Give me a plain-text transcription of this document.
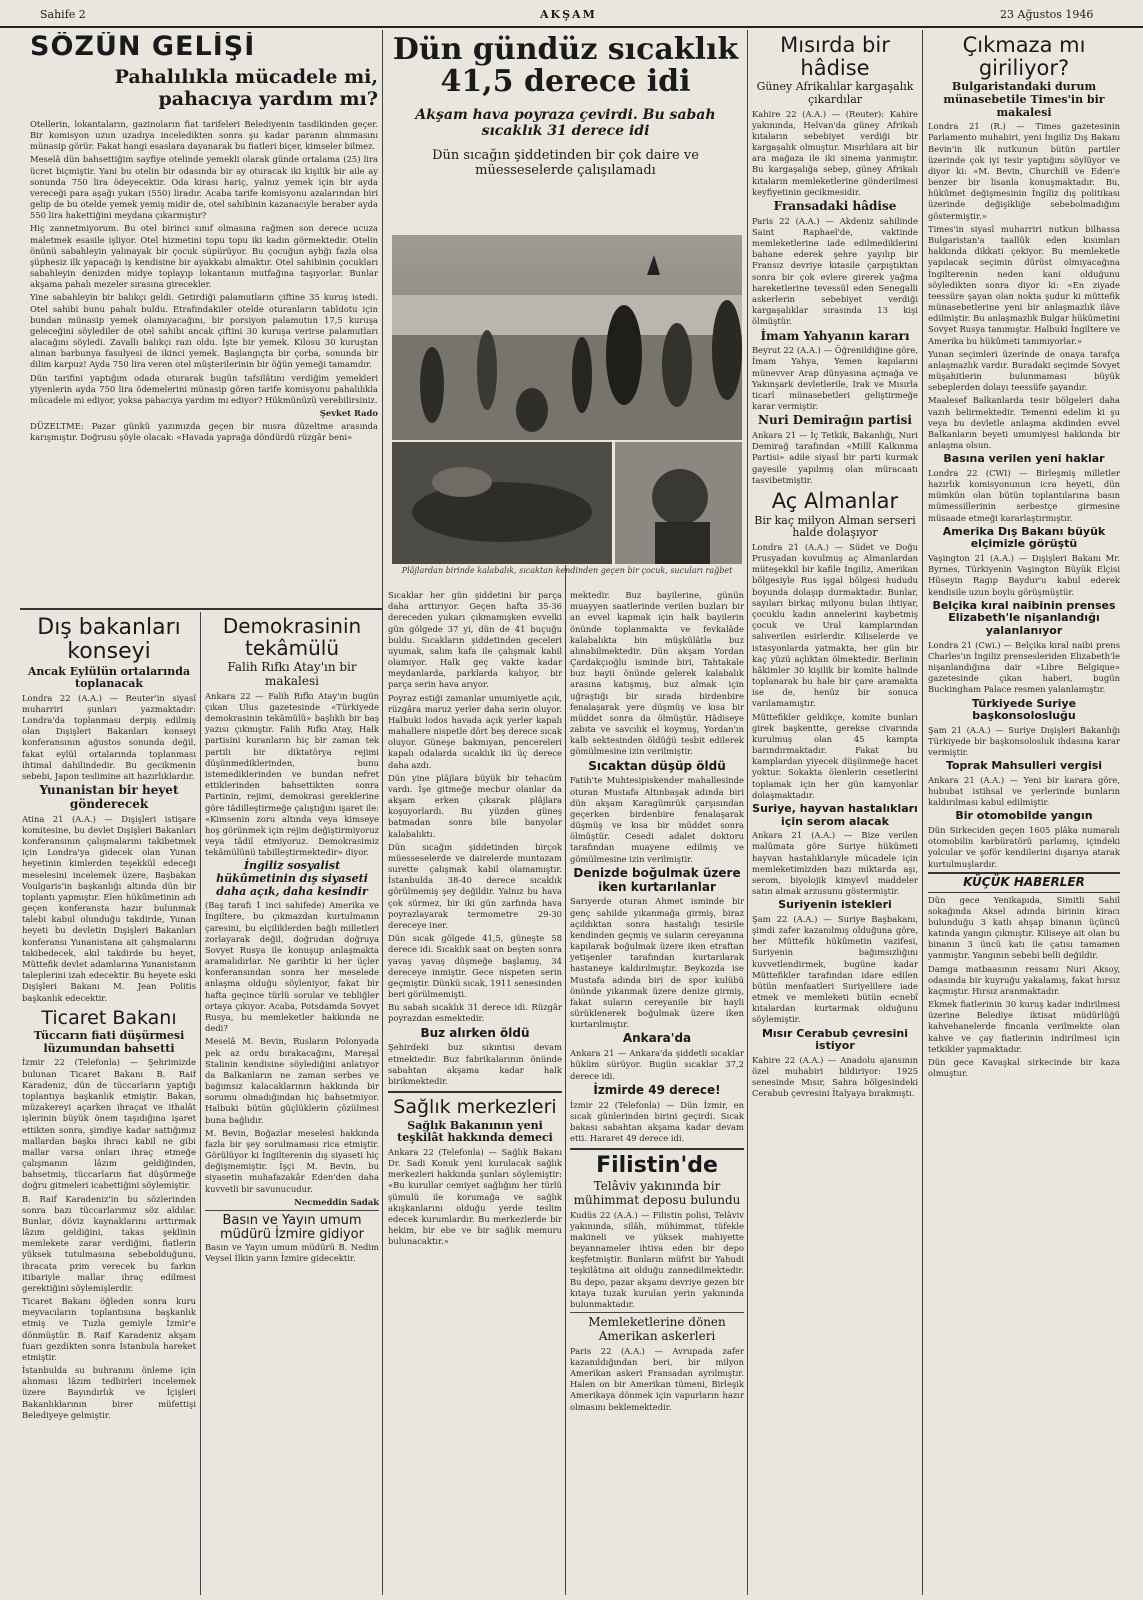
Sahife 2	AKŞAM	23 Ağustos 1946
SÖZÜN GELİŞİ
Pahalılıkla mücadele mi, pahacıya yardım mı?

Otellerin, lokantaların, gazinoların fiat tarifeleri Belediyenin tasdikinden geçer. Bir komisyon uzun uzadıya inceledikten sonra şu kadar paranın alınmasını münasip görür. Fakat hangi esaslara dayanarak bu fiatleri biçer, kimseler bilmez.

Meselâ dün bahsettiğim sayfiye otelinde yemekli olarak günde ortalama (25) lira ücret biçmiştir. Yani bu otelin bir odasında bir ay oturacak iki kişilik bir aile ay sonunda 750 lira ödeyecektir. Oda kirası hariç, yalnız yemek için bir ayda vereceği para aşağı yukarı (550) liradır. Acaba tarife komisyonu azalarından biri gelip de bu otelde yemek yemiş midir de, otel sahibinin kazanacıyle beraber ayda 550 lira hakettiğini meydana çıkarmıştır?

Hiç zannetmiyorum. Bu otel birinci sınıf olmasına rağmen son derece ucuza maletmek esasile işliyor. Otel hizmetini topu topu iki kadın görmektedir. Otelin önünü sabahleyin yalınayak bir çocuk süpürüyor. Bu çocuğun ayhğı fazla olsa şüphesiz ilk yapacağı iş kendisine bir ayakkabı almaktır. Otel sahibinin çocukları sabahleyin denizden midye toplayıp lokantanın mutfağına taşıyorlar. Bunlar akşama pahalı mezeler sırasına girecekler.

Yine sabahleyin bir balıkçı geldi. Getirdiği palamutların çiftine 35 kuruş istedi. Otel sahibi bunu pahalı buldu. Etrafındakiler otelde oturanların tabldotu için bundan münasip yemek olamıyacağını, bir porsiyon palamutun 17,5 kuruşa geleceğini söylediler de otel sahibi ancak çiftini 30 kuruşa verirse palamutları alacağını söyledi. Zavallı balıkçı razı oldu. İşte bir yemek. Kilosu 30 kuruştan alınan barbunya fasulyesi de ikinci yemek. Başlangıçta bir çorba, sonunda bir dilim karpuz! Ayda 750 lira veren otel müşterilerinin bir öğün yemeği tamamdır.

Dün tarifini yaptığım odada oturarak bugün tafsilâtını verdiğim yemekleri yiyenlerin ayda 750 lira ödemelerini münasip gören tarife komisyonu pahalılıkla mücadele mi ediyor, yoksa pahacıya yardım mı ediyor? Hükmünüzü verebilirsiniz.

Şevket Rado

DÜZELTME: Pazar günkü yazımızda geçen bir mısra düzeltme arasında karışmıştır. Doğrusu şöyle olacak: «Havada yaprağa döndürdü rüzgâr beni»

Dış bakanları konseyi
Ancak Eylülün ortalarında toplanacak

Londra 22 (A.A.) — Reuter'in siyasî muharriri şunları yazmaktadır: Londra'da toplanması derpiş edilmiş olan Dışişleri Bakanları konseyi konferansının ağustos sonunda değil, fakat eylül ortalarında toplanması ihtimal dahilindedir. Bu gecikmenin sebebi, Japon teslimine ait hazırlıklardır.

Yunanistan bir heyet gönderecek

Atina 21 (A.A.) — Dışişleri istişare komitesine, bu devlet Dışişleri Bakanları konferansının çalışmalarını takibetmek için Londra'ya gidecek olan Yunan heyetinin kimlerden teşekkül edeceği meselesini incelemek üzere, Başbakan Voulgaris'in başkanlığı altında dün bir toplantı yapmıştır. Elen hükûmetinin adı geçen konferansta hazır bulunmak talebi kabul olunduğu takdirde, Yunan heyeti bu devletin Dışişleri Bakanları konferansı Yunanistana ait çalışmalarını takibedecek, akıl takdirde bu heyet, Müttefik devlet adamlarına Yunanistanın taleplerini izah edecektir. Bu heyete eski Dışişleri Bakanı M. Jean Politis başkanlık edecektir.

Ticaret Bakanı
Tüccarın fiati düşürmesi lüzumundan bahsetti

İzmir 22 (Telefonla) — Şehrimizde bulunan Ticaret Bakanı B. Raif Karadeniz, dün de tüccarların yaptığı toplantıya başkanlık etmiştir. Bakan, müzakereyi açarken ihraçat ve ithalât işlerinin büyük önem taşıdığına işaret ettikten sonra, şimdiye kadar sattığımız mallardan başka ihracı kabil ne gibi mallar varsa onları ihraç etmeğe çalışmanın lâzım geldiğinden, bahsetmiş, tüccarların fiat düşürmeğe doğru gitmeleri icabettiğini söylemiştir.

B. Raif Karadeniz'in bu sözlerinden sonra bazı tüccarlarımız söz aldılar. Bunlar, döviz kaynaklarını arttırmak lâzım geldiğini, takas şeklinin memlekete zarar verdiğini, fiatlerin yüksek tutulmasına sebebolduğunu, ihracata prim verecek bu farkın itibariyle mallar ihraç edilmesi gerektiğini söylemişlerdir.

Ticaret Bakanı öğleden sonra kuru meyvacıların toplantısına başkanlık etmiş ve Tuzla gemiyle İzmir'e dönmüştür. B. Raif Karadeniz akşam fuarı gezdikten sonra İstanbula hareket etmiştir.

İstanbulda su buhranını önleme için alınması lâzım tedbirleri incelemek üzere Bayındırlık ve İçişleri Bakanlıklarının birer müfettişi Belediyeye gelmiştir.

Demokrasinin tekâmülü
Falih Rıfkı Atay'ın bir makalesi

Ankara 22 — Falih Rıfkı Atay'ın bugün çıkan Ulus gazetesinde «Türkiyede demokrasinin tekâmülü» başlıklı bir baş yazısı çıkmıştır. Falih Rıfkı Atay, Halk partisini kuranların hiç bir zaman tek partili bir diktatörya rejimi düşünmediklerinden, bunu istemediklerinden ve bundan nefret ettiklerinden bahsettikten sonra Partinin, rejimi, demokrasi gereklerine göre tâdilleştirmeğe çalıştığını işaret ile: «Kimsenin zoru altında veya kimseye hoş görünmek için rejim değiştirmiyoruz veya tâdil etmiyoruz. Demokrasimiz tekâmülünü tabiîleştirmektedir» diyor.

İngiliz sosyalist hükûmetinin dış siyaseti daha açık, daha kesindir

(Baş tarafı 1 inci sahifede) Amerika ve İngiltere, bu çıkmazdan kurtulmanın çaresini, bu elçiliklerden bağlı milletleri zorlayarak değil, doğrudan doğruya Sovyet Rusya ile konuşup anlaşmakta aramalıdırlar. Ne garibtir ki her üçler konferansından sonra her meselede anlaşma olduğu söyleniyor, fakat bir hafta geçince türlü sorular ve tebliğler ortaya çıkıyor. Acaba, Potsdamda Sovyet Rusya, bu memleketler hakkında ne dedi?

Meselâ M. Bevin, Rusların Polonyada pek az ordu bırakacağını, Mareşal Stalinin kendisine söylediğini anlatıyor da Balkanların ne zaman serbes ve bağımsız kalacaklarının hakkında bir sorumu olmadığından hiç bahsetmiyor. Halbuki bütün güçlüklerin çözülmesi buna bağlıdır.

M. Bevin, Boğazlar meselesi hakkında fazla bir şey sorulmaması rica etmiştir. Görülüyor ki İngilterenin dış siyaseti hiç değişmemiştir. İşçi M. Bevin, bu siyasetin muhafazakâr Eden'den daha kuvvetli bir savunucudur.

Necmeddin Sadak
Basın ve Yayın umum müdürü İzmire gidiyor

Basın ve Yayın umum müdürü B. Nedim Veysel İlkin yarın İzmire gidecektir.

Dün gündüz sıcaklık 41,5 derece idi
Akşam hava poyraza çevirdi. Bu sabah sıcaklık 31 derece idi
Dün sıcağın şiddetinden bir çok daire ve müesseselerde çalışılamadı
Plâjlardan birinde kalabalık, sıcaktan kendinden geçen bir çocuk, sucuları rağbet

Sıcaklar her gün şiddetini bir parça daha arttırıyor. Geçen hafta 35-36 dereceden yukarı çıkmamışken evvelki gün gölgede 37 yi, dün de 41 buçuğu buldu. Sıcakların şiddetinden geceleri uyumak, salım kafa ile çalışmak kabil olamıyor. Halk geç vakte kadar meydanlarda, parklarda kalıyor, bir parça serin hava arıyor.

Poyraz estiği zamanlar umumiyetle açık, rüzgâra maruz yerler daha serin oluyor. Halbuki lodos havada açık yerler kapalı mahallere nispetle dört beş derece sıcak oluyor. Güneşe bakmıyan, pencereleri kapalı odalarda sıcaklık iki üç derece daha azdı.

Dün yine plâjlara büyük bir tehacüm vardı. İşe gitmeğe mecbur olanlar da akşam erken çıkarak plâjlara koşuyorlardı. Bu yüzden güneş batmadan sonra bile banyolar kalabalıktı.

Dün sıcağın şiddetinden birçok müesseselerde ve dairelerde muntazam surette çalışmak kabil olamamıştır. İstanbulda 38-40 derece sıcaklık görülmemiş şey değildir. Yalnız bu hava çok sürmez, bir iki gün zarfında hava poyrazlayarak termometre 29-30 dereceye iner.

Dün sıcak gölgede 41,5, güneşte 58 derece idi. Sıcaklık saat on beşten sonra yavaş yavaş düşmeğe başlamış, 34 dereceye inmiştir. Gece nispeten serin geçmiştir. Dünkü sıcak, 1911 senesinden beri görülmemişti.

Bu sabah sıcaklık 31 derece idi. Rüzgâr poyrazdan esmektedir.

Buz alırken öldü

Şehirdeki buz sıkıntısı devam etmektedir. Buz fabrikalarının önünde sabahtan akşama kadar halk birikmektedir.

Sağlık merkezleri
Sağlık Bakanının yeni teşkilât hakkında demeci

Ankara 22 (Telefonla) — Sağlık Bakanı Dr. Sadi Konuk yeni kurulacak sağlık merkezleri hakkında şunları söylemiştir: «Bu kurullar cemiyet sağlığını her türlü şümulü ile korumağa ve sağlık akışkanlarını olduğu yerde teslim edecek kurumlardır. Bu merkezlerde bir hekim, bir ebe ve bir sağlık memuru bulunacaktır.»

mektedir. Buz bayilerine, günün muayyen saatlerinde verilen buzları bir an evvel kapmak için halk bayilerin önünde toplanmakta ve fevkalâde kalabalıkta bin müşkülâtla buz alınabilmektedir. Dün akşam Yordan Çardakçıoğlu isminde biri, Tahtakale buz bayii önünde gelerek kalabalık arasına katışmış, buz almak için uğraştığı bir sırada birdenbire fenalaşarak yere düşmüş ve kısa bir müddet sonra da ölmüştür. Hâdiseye zabıta ve savcılık el koymuş, Yordan'ın kalb sektesinden öldüğü tesbit edilerek gömülmesine izin verilmiştir.

Sıcaktan düşüp öldü

Fatih'te Muhtesipiskender mahallesinde oturan Mustafa Altınbaşak adında biri dün akşam Karagümrük çarşısından geçerken birdenbire fenalaşarak düşmüş ve kısa bir müddet sonra ölmüştür. Cesedi adalet doktoru tarafından muayene edilmiş ve gömülmesine izin verilmiştir.

Denizde boğulmak üzere iken kurtarılanlar

Sarıyerde oturan Ahmet isminde bir genç sahilde yıkanmağa girmiş, biraz açıldıktan sonra hastalığı tesirile kendinden geçmiş ve suların cereyanına kapılarak boğulmak üzere iken etraftan yetişenler tarafından kurtarılarak hastaneye kaldırılmıştır. Beykozda ise Mustafa adında biri de spor kulübü önünde yıkanmak üzere denize girmiş, fakat suların cereyanile bir hayli sürüklenerek boğulmak üzere iken kurtarılmıştır.

Ankara'da

Ankara 21 — Ankara'da şiddetli sıcaklar hüküm sürüyor. Bugün sıcaklar 37,2 derece idi.

İzmirde 49 derece!

İzmir 22 (Telefonla) — Dün İzmir, en sıcak günlerinden birini geçirdi. Sıcak bakası sabahtan akşama kadar devam etti. Hararet 49 derece idi.

Filistin'de
Telâviv yakınında bir mühimmat deposu bulundu

Kudüs 22 (A.A.) — Filistin polisi, Telâviv yakınında, silâh, mühimmat, tüfekle makineli ve yüksek mahiyette beyannameler ihtiva eden bir depo keşfetmiştir. Bunların müfrit bir Yahudi teşkilâtına ait olduğu zannedilmektedir. Bu depo, pazar akşamı devriye gezen bir kıtaya tuzak kurulan yerin yakınında bulunmaktadır.

Memleketlerine dönen Amerikan askerleri

Paris 22 (A.A.) — Avrupada zafer kazanıldığından beri, bir milyon Amerikan askeri Fransadan ayrılmıştır. Halen on bir Amerikan tümeni, Birleşik Amerikaya dönmek için vapurların hazır olmasını beklemektedir.

Mısırda bir hâdise
Güney Afrikalılar kargaşalık çıkardılar

Kahire 22 (A.A.) — (Reuter): Kahire yakınında, Helvan'da güney Afrikalı kıtaların sebebiyet verdiği bir kargaşalık olmuştur. Mısırlılara ait bir ara mağaza ile iki sinema yanmıştır. Bu kargaşalığa sebep, güney Afrikalı kıtaların memleketlerine gönderilmesi keyfiyetinin gecikmesidir.

Fransadaki hâdise

Paris 22 (A.A.) — Akdeniz sahilinde Saint Raphael'de, vaktinde memleketlerine iade edilmediklerini bahane ederek şehre yayılıp bir Fransız devriye kıtasile çarpıştıktan sonra bir çok evlere girerek yağma hareketlerine tevessül eden Senegalli askerlerin sebebiyet verdiği kargaşalıklar sırasında 13 kişi ölmüştür.

İmam Yahyanın kararı

Beyrut 22 (A.A.) — Öğrenildiğine göre, İmam Yahya, Yemen kapılarını münevver Arap dünyasına açmağa ve Yakınşark devletlerile, Irak ve Mısırla ticarî münasebetleri geliştirmeğe karar vermiştir.

Nuri Demirağın partisi

Ankara 21 — İç Tetkik, Bakanlığı, Nuri Demirağ tarafından «Millî Kalkınma Partisi» adile siyasî bir parti kurmak gayesile yapılmış olan müracaatı tasvibetmiştir.

Aç Almanlar
Bir kaç milyon Alman serseri halde dolaşıyor

Londra 21 (A.A.) — Südet ve Doğu Prusyadan kovulmuş aç Almanlardan müteşekkil bir kafile İngiliz, Amerikan bölgesiyle Rus işgal bölgesi hududu boyunda dolaşıp durmaktadır. Bunlar, sayıları birkaç milyonu bulan ihtiyar, çocuklu kadın annelerini kaybetmiş çocuk ve Ural kamplarından salıverilen esirlerdir. Kiliselerde ve istasyonlarda yatmakta, her gün bir kaç yüzü açlıktan ölmektedir. Berlinin hâkimler 30 kişilik bir komite halinde toplanarak bu hale bir çare aramakta ise de, henüz bir sonuca varılamamıştır.

Müttefikler geldikçe, komite bunları girek başkentte, gerekse civarında kurulmuş olan 45 kampta barındırmaktadır. Fakat bu kamplardan yiyecek düşünmeğe hacet yoktur. Sokakta ölenlerin cesetlerini toplamak için her gün kamyonlar dolaşmaktadır.

Suriye, hayvan hastalıkları için serom alacak

Ankara 21 (A.A.) — Bize verilen malûmata göre Suriye hükûmeti hayvan hastalıklarıyle mücadele için memleketimizden bazı miktarda aşı, serom, biyolojik kimyevî maddeler satın almak arzusunu göstermiştir.

Suriyenin istekleri

Şam 22 (A.A.) — Suriye Başbakanı, şimdi zafer kazanılmış olduğuna göre, her Müttefik hükûmetin vazifesi, Suriyenin bağımsızlığını kuvvetlendirmek, bugüne kadar Müttefikler tarafından idare edilen bütün menfaatleri Suriyelilere iade etmek ve memleketi bütün ecnebî kıtalardan kurtarmak olduğunu söylemiştir.

Mısır Cerabub çevresini istiyor

Kahire 22 (A.A.) — Anadolu ajansının özel muhabiri bildiriyor: 1925 senesinde Mısır, Sahra bölgesindeki Cerabub çevresini İtalyaya bırakmıştı.

Çıkmaza mı giriliyor?
Bulgaristandaki durum münasebetile Times'in bir makalesi

Londra 21 (R.) — Times gazetesinin Parlamento muhabiri, yeni İngiliz Dış Bakanı Bevin'in ilk nutkunun bütün partiler üzerinde çok iyi tesir yaptığını söylüyor ve diyor ki: «M. Bevin, Churchill ve Eden'e benzer bir lisanla konuşmaktadır. Bu, hükûmet değişmesinin İngiliz dış politikası üzerinde değişikliğe sebebolmadığını göstermiştir.»

Times'in siyasî muharriri nutkun bilhassa Bulgaristan'a taallûk eden kısımları hakkında dikkati çekiyor. Bu memleketle yapılacak seçimin dürüst olmıyacağına İngilterenin neden kani olduğunu söyledikten sonra diyor ki: «En ziyade teessüre şayan olan nokta şudur ki müttefik münasebetlerine yeni bir anlaşmazlık ilâve edilmiştir. Bu anlaşmazlık Bulgar hükûmetini Sovyet Rusya tanımıştır. Halbuki İngiltere ve Amerika bu hükûmeti tanımıyorlar.»

Yunan seçimleri üzerinde de onaya tarafça anlaşmazlık vardır. Buradaki seçimde Sovyet müşahitlerin bulunmaması büyük sebeplerden dolayı teessüfe şayandır.

Maalesef Balkanlarda tesir bölgeleri daha vazıh belirmektedir. Temenni edelim ki şu veya bu devletle anlaşma akdinden evvel Balkanların beyeti umumiyesi hakkında bir anlaşma olsun.

Basına verilen yeni haklar

Londra 22 (CWI) — Birleşmiş milletler hazırlık komisyonunun icra heyeti, dün mümkün olan bütün toplantılarına basın mümessillerinin serbestçe girmesine müsaade etmeği kararlaştırmıştır.

Amerika Dış Bakanı büyük elçimizle görüştü

Vaşington 21 (A.A.) — Dışişleri Bakanı Mr. Byrnes, Türkiyenin Vaşington Büyük Elçisi Hüseyin Ragıp Baydur'u kabul ederek kendisile uzun boylu görüşmüştür.

Belçika kıral naibinin prenses Elizabeth'le nişanlandığı yalanlanıyor

Londra 21 (Cwi.) — Belçika kıral naibi prens Charles'ın İngiliz prensesleriden Elizabeth'le nişanlandığına dair «Libre Belgique» gazetesinde çıkan haberi, bugün Buckingham Palace resmen yalanlamıştır.

Türkiyede Suriye başkonsolosluğu

Şam 21 (A.A.) — Suriye Dışişleri Bakanlığı Türkiyede bir başkonsolosluk ihdasına karar vermiştir.

Toprak Mahsulleri vergisi

Ankara 21 (A.A.) — Yeni bir karara göre, hububat istihsal ve yerlerinde bunların kaldırılması kabul edilmiştir.

Bir otomobilde yangın

Dün Sirkeciden geçen 1605 plâka numaralı otomobilin karbüratörü parlamış, içindeki yolcular ve şoför kendilerini dışarıya atarak kurtulmuşlardır.

KÜÇÜK HABERLER

Dün gece Yenikapıda, Simitli Sahil sokağında Aksel adında birinin kiracı bulunduğu 3 katlı ahşap binanın üçüncü katında yangın çıkmıştır. Kiliseye ait olan bu binanın 3 üncü katı ile çatısı tamamen yanmıştır. Yangının sebebi belli değildir.

Damga matbaasının ressamı Nuri Aksoy, odasında bir kuyruğu yakalamış, fakat hırsız kaçmıştır. Hırsız aranmaktadır.

Ekmek fiatlerinin 30 kuruş kadar indirilmesi üzerine Belediye iktisat müdürlüğü kahvehanelerde fincanla verilmekte olan kahve ve çay fiatlerinin indirilmesi için tetkikler yapmaktadır.

Dün gece Kavaşkal sirkecinde bir kaza olmuştur.
